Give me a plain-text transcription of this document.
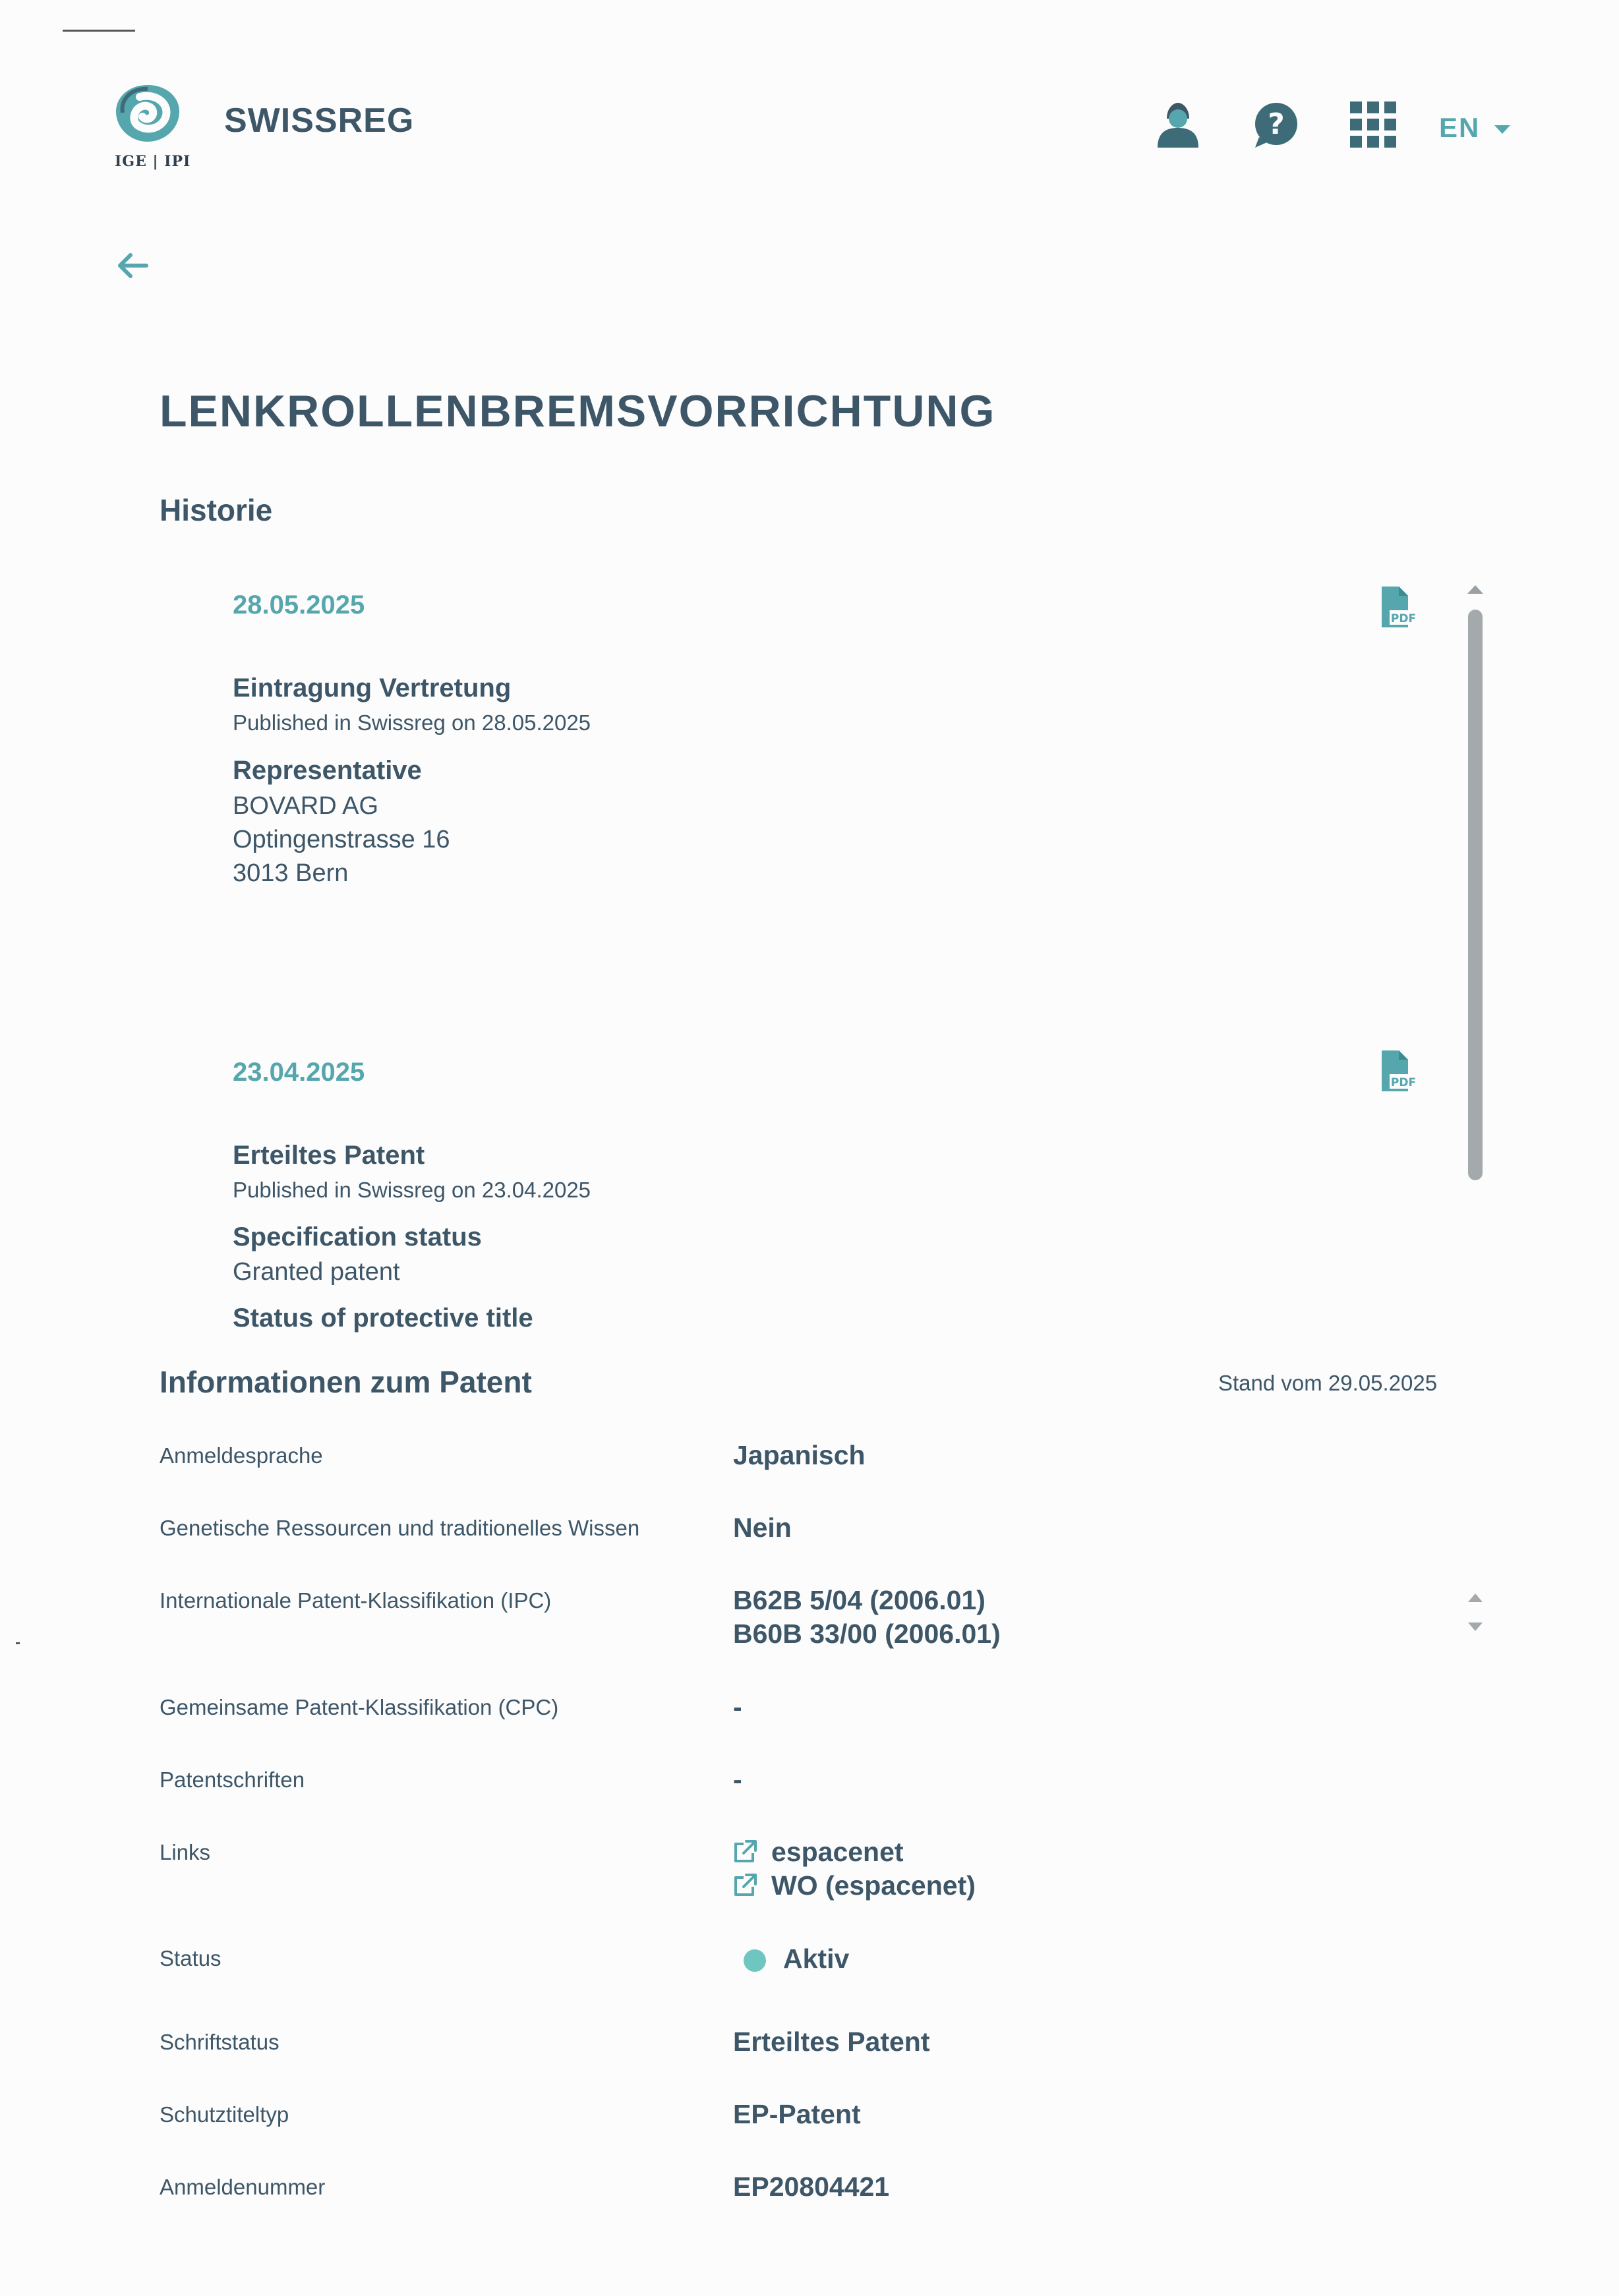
IGE | IPI
SWISSREG	?	EN
LENKROLLENBREMSVORRICHTUNG
Historie
28.05.2025	PDF
Eintragung Vertretung
Published in Swissreg on 28.05.2025
Representative
BOVARD AG
Optingenstrasse 16
3013 Bern
23.04.2025	PDF
Erteiltes Patent
Published in Swissreg on 23.04.2025
Specification status
Granted patent
Status of protective title
Informationen zum Patent	Stand vom 29.05.2025
Anmeldesprache	Japanisch
Genetische Ressourcen und traditionelles Wissen	Nein
Internationale Patent-Klassifikation (IPC)	B62B 5/04 (2006.01)
B60B 33/00 (2006.01)
Gemeinsame Patent-Klassifikation (CPC)	-
Patentschriften	-
Links	espacenet
WO (espacenet)
Status	Aktiv
Schriftstatus	Erteiltes Patent
Schutztiteltyp	EP-Patent
Anmeldenummer	EP20804421
